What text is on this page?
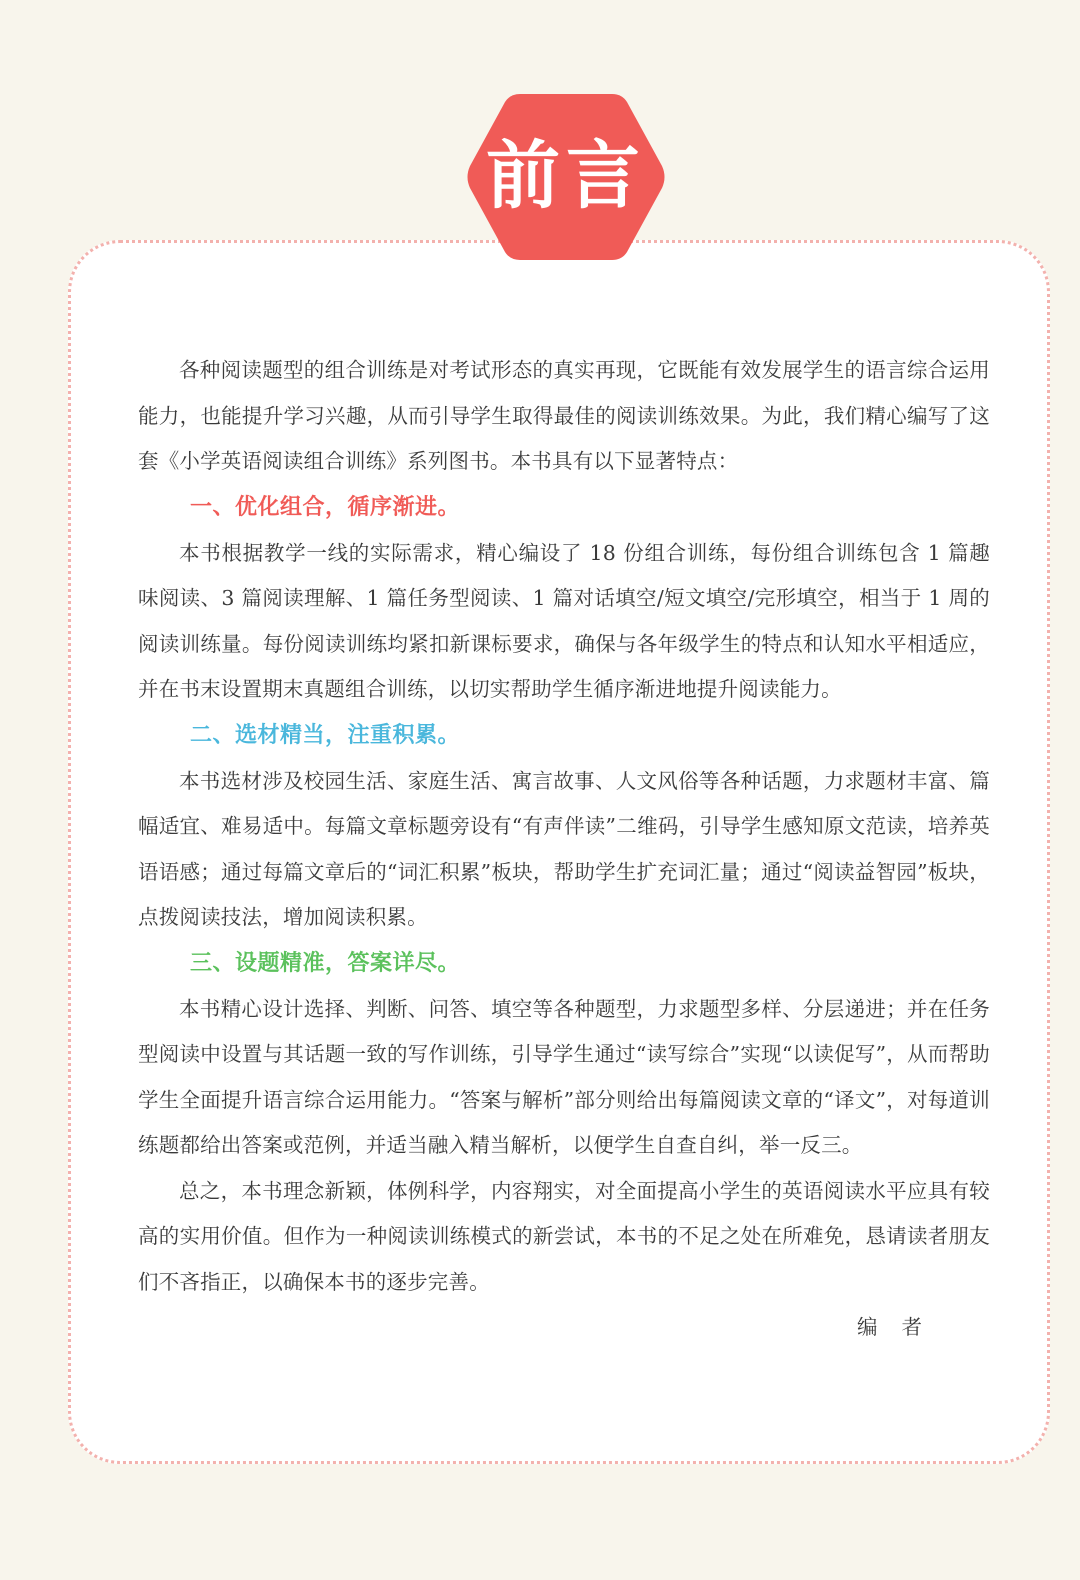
前言

各种阅读题型的组合训练是对考试形态的真实再现，它既能有效发展学生的语言综合运用能力，也能提升学习兴趣，从而引导学生取得最佳的阅读训练效果。为此，我们精心编写了这套《小学英语阅读组合训练》系列图书。本书具有以下显著特点：

一、优化组合，循序渐进。

本书根据教学一线的实际需求，精心编设了 18 份组合训练，每份组合训练包含 1 篇趣味阅读、3 篇阅读理解、1 篇任务型阅读、1 篇对话填空/短文填空/完形填空，相当于 1 周的阅读训练量。每份阅读训练均紧扣新课标要求，确保与各年级学生的特点和认知水平相适应，并在书末设置期末真题组合训练，以切实帮助学生循序渐进地提升阅读能力。

二、选材精当，注重积累。

本书选材涉及校园生活、家庭生活、寓言故事、人文风俗等各种话题，力求题材丰富、篇幅适宜、难易适中。每篇文章标题旁设有“有声伴读”二维码，引导学生感知原文范读，培养英语语感；通过每篇文章后的“词汇积累”板块，帮助学生扩充词汇量；通过“阅读益智园”板块，点拨阅读技法，增加阅读积累。

三、设题精准，答案详尽。

本书精心设计选择、判断、问答、填空等各种题型，力求题型多样、分层递进；并在任务型阅读中设置与其话题一致的写作训练，引导学生通过“读写综合”实现“以读促写”，从而帮助学生全面提升语言综合运用能力。“答案与解析”部分则给出每篇阅读文章的“译文”，对每道训练题都给出答案或范例，并适当融入精当解析，以便学生自查自纠，举一反三。

总之，本书理念新颖，体例科学，内容翔实，对全面提高小学生的英语阅读水平应具有较高的实用价值。但作为一种阅读训练模式的新尝试，本书的不足之处在所难免，恳请读者朋友们不吝指正，以确保本书的逐步完善。

编者
